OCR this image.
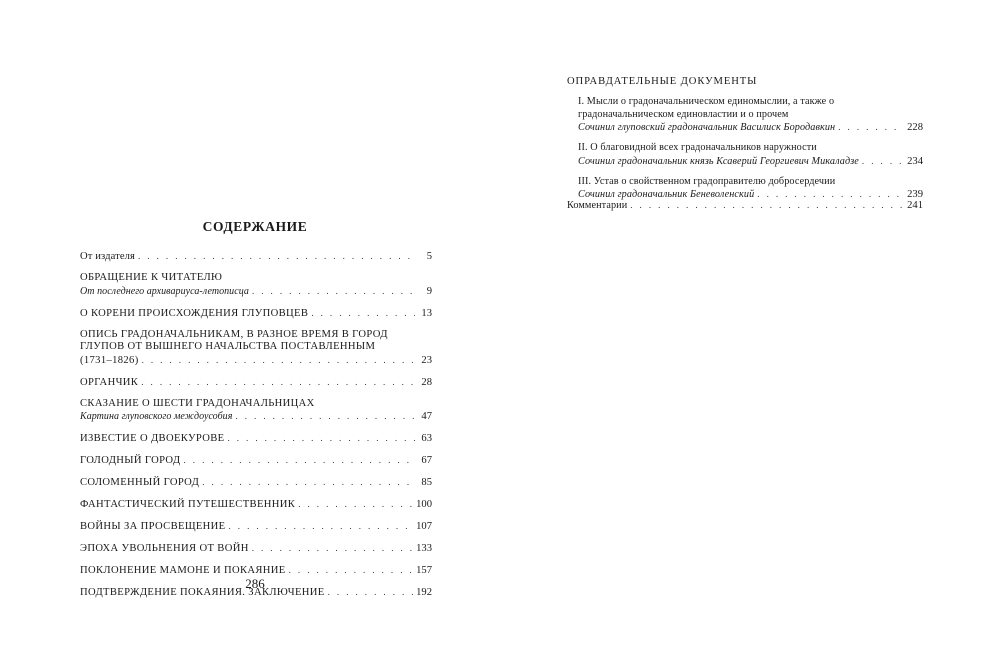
СОДЕРЖАНИЕ
От издателя . . .	5
ОБРАЩЕНИЕ К ЧИТАТЕЛЮ
От последнего архивариуса-летописца . . .	9
О КОРЕНИ ПРОИСХОЖДЕНИЯ ГЛУПОВЦЕВ . . .	13
ОПИСЬ ГРАДОНАЧАЛЬНИКАМ, В РАЗНОЕ ВРЕМЯ В ГОРОД ГЛУПОВ ОТ ВЫШНЕГО НАЧАЛЬСТВА ПОСТАВЛЕННЫМ
(1731–1826) . . .	23
ОРГАНЧИК . . .	28
СКАЗАНИЕ О ШЕСТИ ГРАДОНАЧАЛЬНИЦАХ
Картина глуповского междоусобия . . .	47
ИЗВЕСТИЕ О ДВОЕКУРОВЕ . . .	63
ГОЛОДНЫЙ ГОРОД . . .	67
СОЛОМЕННЫЙ ГОРОД . . .	85
ФАНТАСТИЧЕСКИЙ ПУТЕШЕСТВЕННИК . . .	100
ВОЙНЫ ЗА ПРОСВЕЩЕНИЕ . . .	107
ЭПОХА УВОЛЬНЕНИЯ ОТ ВОЙН . . .	133
ПОКЛОНЕНИЕ МАМОНЕ И ПОКАЯНИЕ . . .	157
ПОДТВЕРЖДЕНИЕ ПОКАЯНИЯ. ЗАКЛЮЧЕНИЕ . . .	192
286
ОПРАВДАТЕЛЬНЫЕ ДОКУМЕНТЫ
I. Мысли о градоначальническом единомыслии, а также о градоначальническом единовластии и о прочем
Сочинил глуповский градоначальник Василиск Бородавкин . . .	228
II. О благовидной всех градоначальников наружности
Сочинил градоначальник князь Ксаверий Георгиевич Микаладзе . . .	234
III. Устав о свойственном градоправителю добросердечии
Сочинил градоначальник Беневоленский . . .	239
Комментарии . . .	241
